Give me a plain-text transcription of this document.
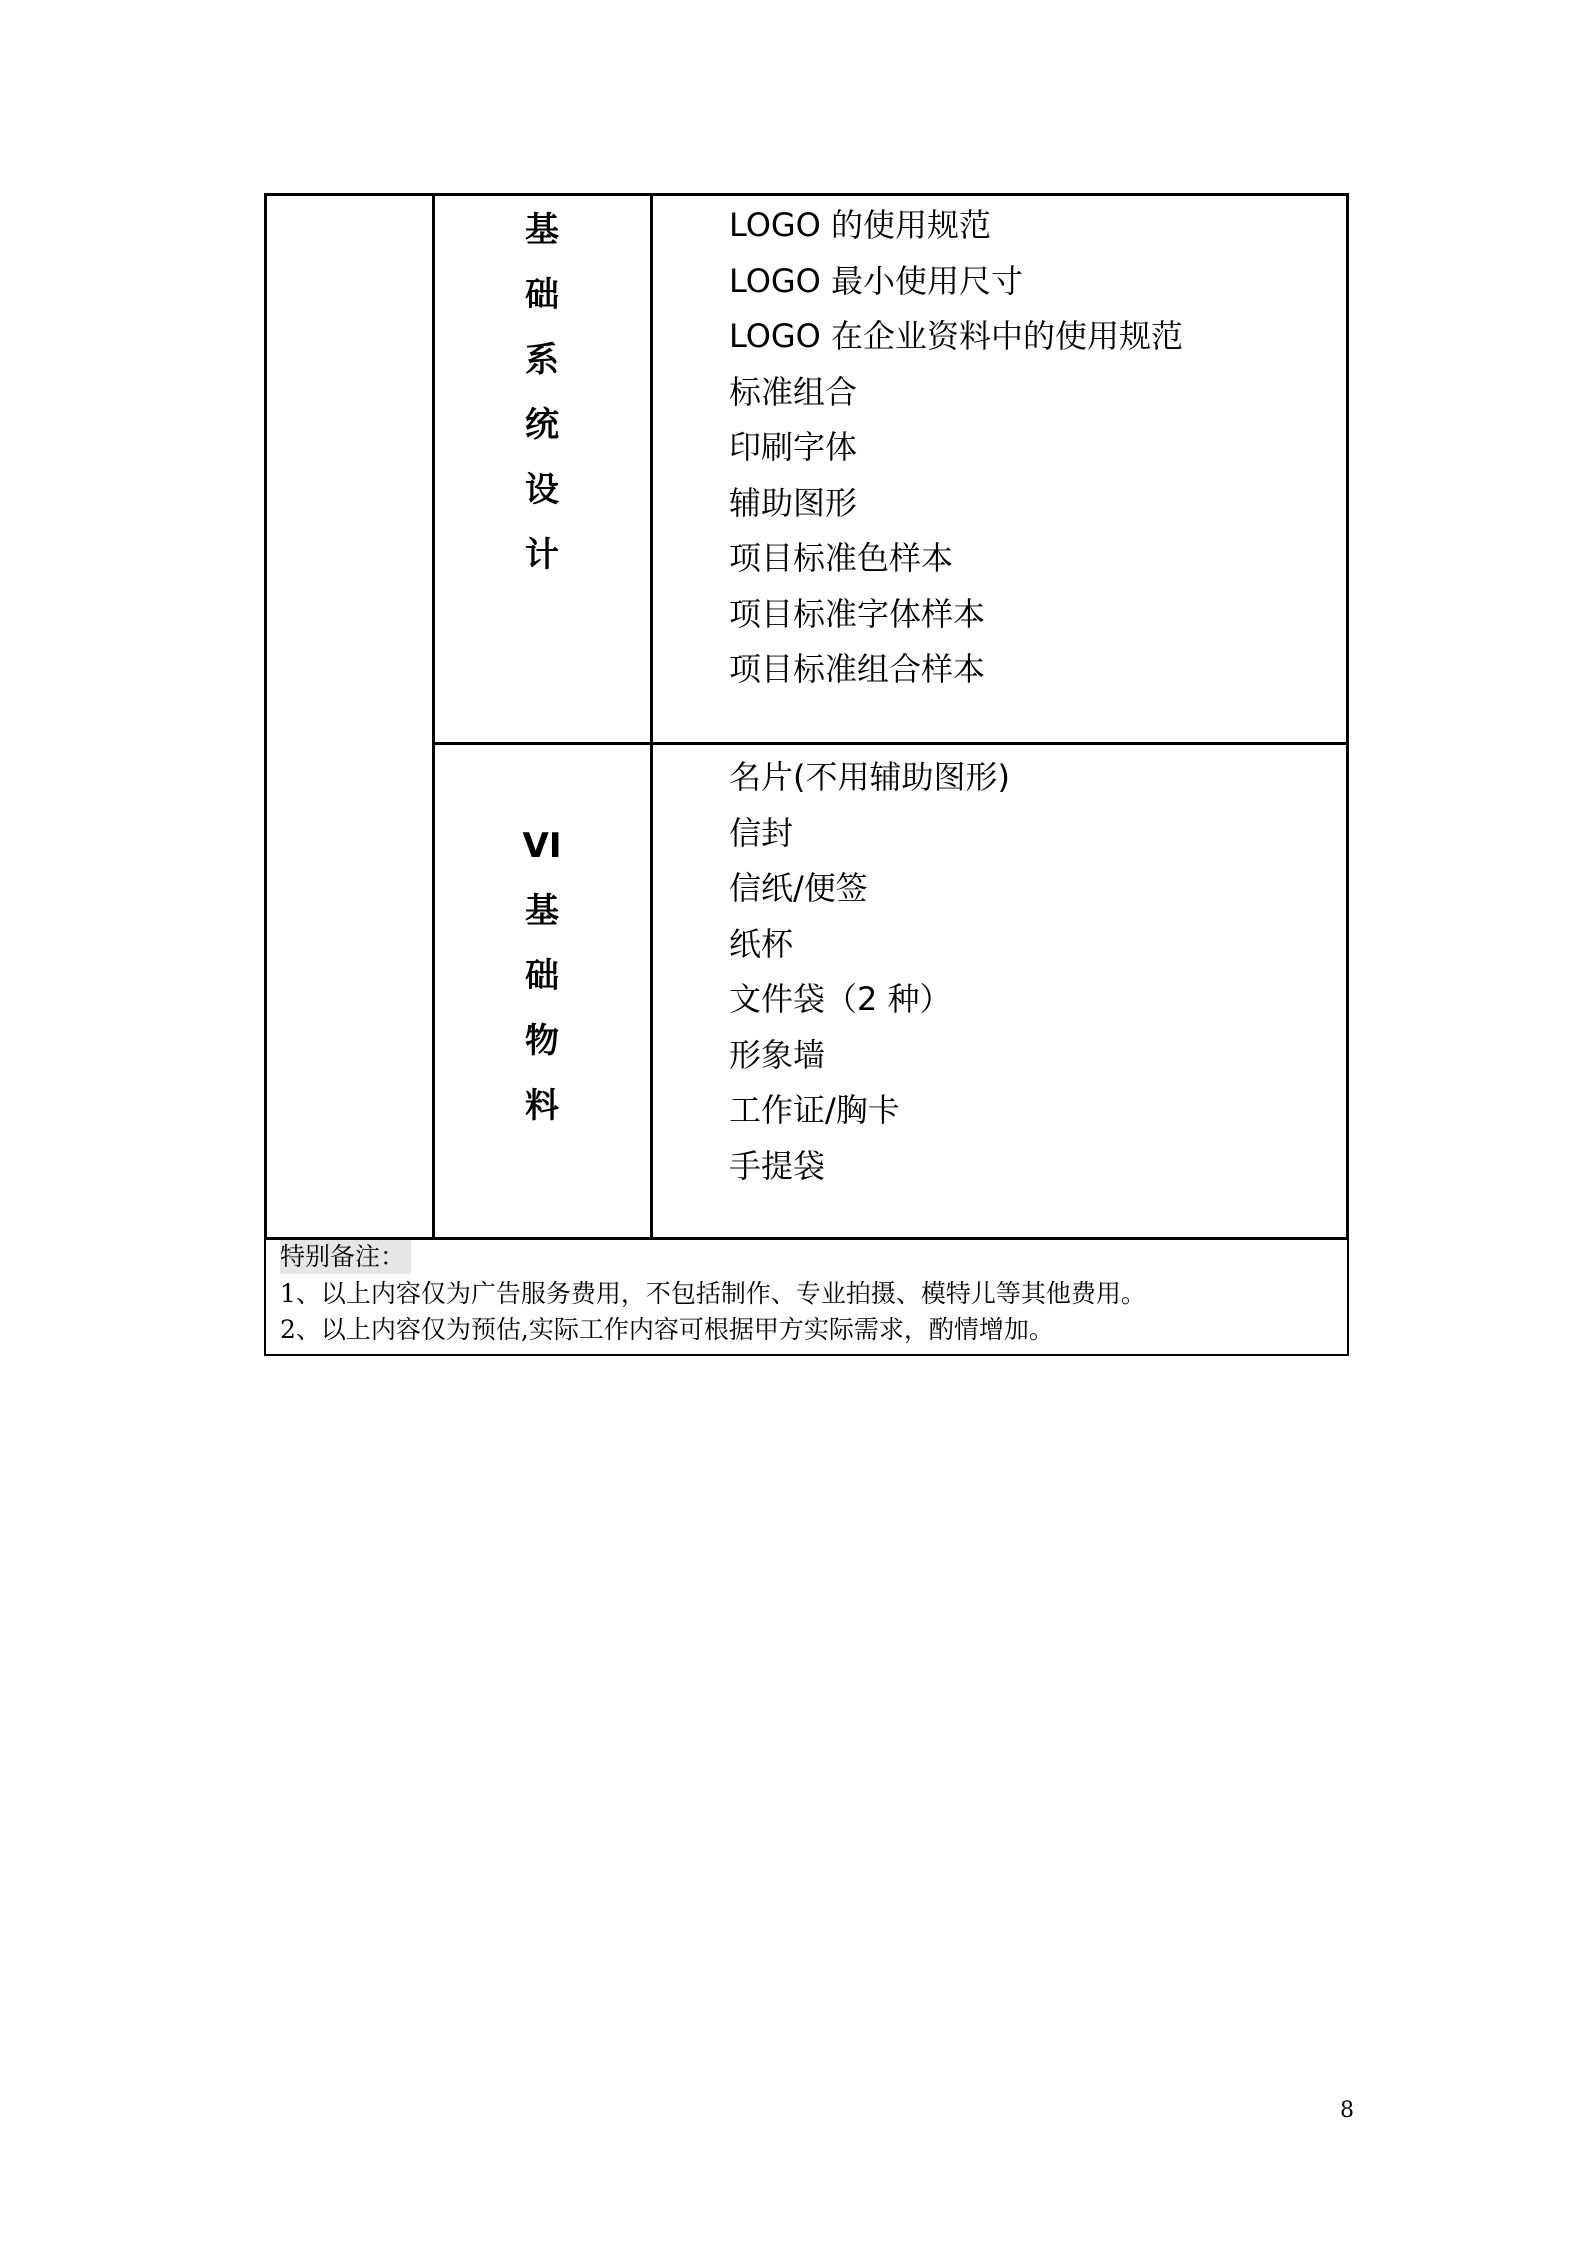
基
础
系
统
设
计
LOGO 的使用规范
LOGO 最小使用尺寸
LOGO 在企业资料中的使用规范
标准组合
印刷字体
辅助图形
项目标准色样本
项目标准字体样本
项目标准组合样本
VI
基
础
物
料
名片(不用辅助图形)
信封
信纸/便签
纸杯
文件袋（2 种）
形象墙
工作证/胸卡
手提袋
特别备注：
1、以上内容仅为广告服务费用，不包括制作、专业拍摄、模特儿等其他费用。
2、以上内容仅为预估,实际工作内容可根据甲方实际需求，酌情增加。
8
